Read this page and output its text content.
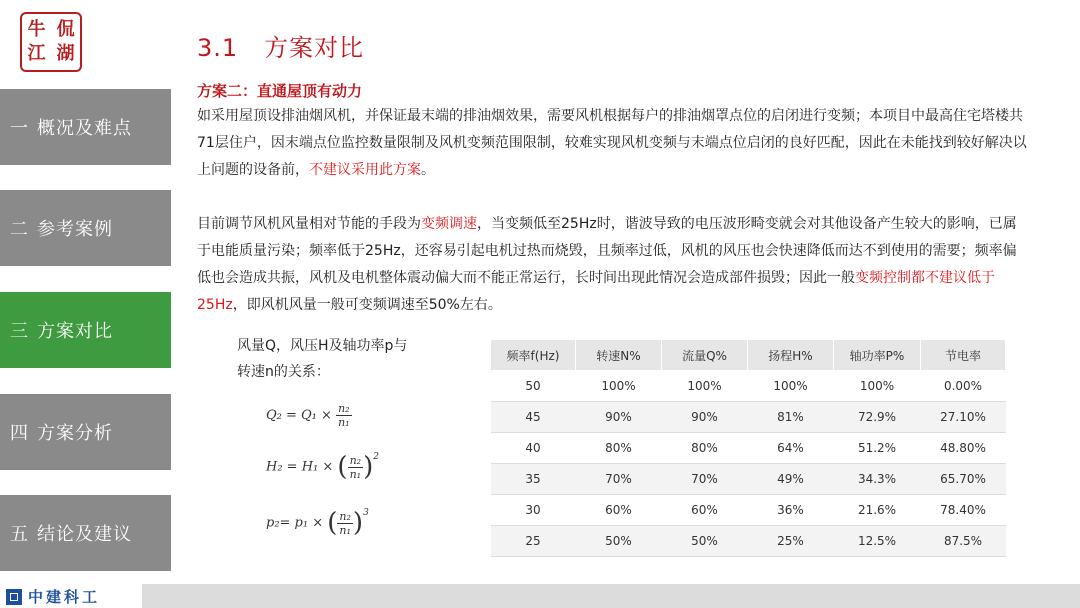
牛 侃
江 湖
一 概况及难点
二 参考案例
三 方案对比
四 方案分析
五 结论及建议
3.1 方案对比
方案二：直通屋顶有动力
如采用屋顶设排油烟风机，并保证最末端的排油烟效果，需要风机根据每户的排油烟罩点位的启闭进行变频；本项目中最高住宅塔楼共71层住户，因末端点位监控数量限制及风机变频范围限制，较难实现风机变频与末端点位启闭的良好匹配，因此在未能找到较好解决以上问题的设备前，不建议采用此方案。
目前调节风机风量相对节能的手段为变频调速，当变频低至25Hz时，谐波导致的电压波形畸变就会对其他设备产生较大的影响，已属于电能质量污染；频率低于25Hz，还容易引起电机过热而烧毁，且频率过低，风机的风压也会快速降低而达不到使用的需要；频率偏低也会造成共振，风机及电机整体震动偏大而不能正常运行，长时间出现此情况会造成部件损毁；因此一般变频控制都不建议低于25Hz，即风机风量一般可变频调速至50%左右。
风量Q，风压H及轴功率p与转速n的关系：
$Q_2 = Q_1 \times \frac{\text{n₂}}{\text{n₁}}$
H₂ = H₁ × ( $\frac{\text{n₂}}{\text{n₁}} )^2$
p₂= p₁ × ( $\frac{\text{n₂}}{\text{n₁}} )^3$
频率f(Hz)	转速N%	流量Q%	扬程H%	轴功率P%	节电率
50	100%	100%	100%	100%	0.00%
45	90%	90%	81%	72.9%	27.10%
40	80%	80%	64%	51.2%	48.80%
35	70%	70%	49%	34.3%	65.70%
30	60%	60%	36%	21.6%	78.40%
25	50%	50%	25%	12.5%	87.5%
中建科工
